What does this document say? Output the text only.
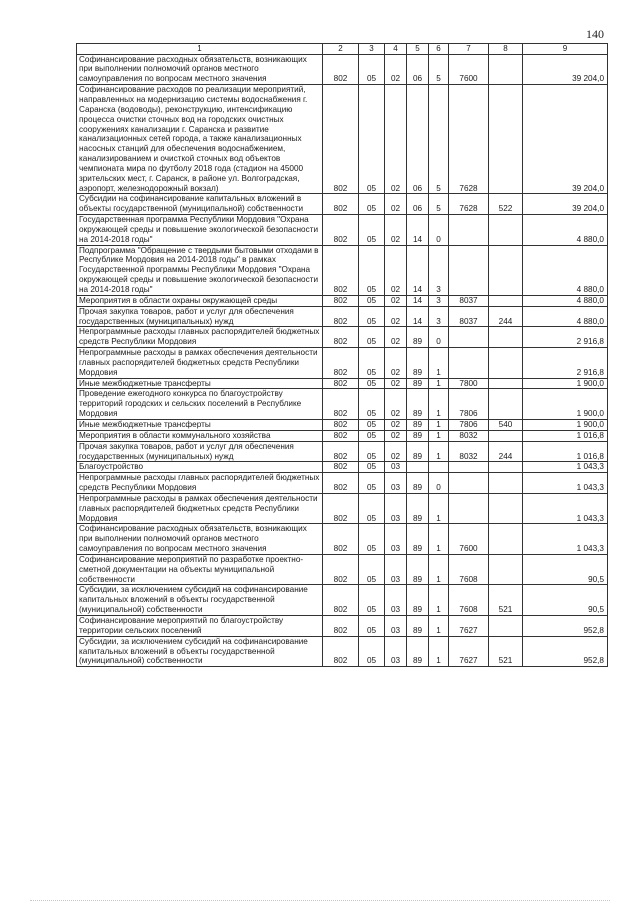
140
1	2	3	4	5	6	7	8	9
Софинансирование расходных обязательств, возникающих при выполнении полномочий органов местного самоуправления по вопросам местного значения	802	05	02	06	5	7600		39 204,0
Софинансирование расходов по реализации мероприятий, направленных на модернизацию системы водоснабжения г. Саранска (водоводы), реконструкцию, интенсификацию процесса очистки сточных вод на городских очистных сооружениях канализации г. Саранска и развитие канализационных сетей города, а также канализационных насосных станций для обеспечения водоснабжением, канализированием и очисткой сточных вод объектов чемпионата мира по футболу 2018 года (стадион на 45000 зрительских мест, г. Саранск, в районе ул. Волгоградская, аэропорт, железнодорожный вокзал)	802	05	02	06	5	7628		39 204,0
Субсидии на софинансирование капитальных вложений в объекты государственной (муниципальной) собственности	802	05	02	06	5	7628	522	39 204,0
Государственная программа Республики Мордовия "Охрана окружающей среды и повышение экологической безопасности на 2014-2018 годы"	802	05	02	14	0			4 880,0
Подпрограмма "Обращение с твердыми бытовыми отходами в Республике Мордовия на 2014-2018 годы" в рамках Государственной программы Республики Мордовия "Охрана окружающей среды и повышение экологической безопасности на 2014-2018 годы"	802	05	02	14	3			4 880,0
Мероприятия в области охраны окружающей среды	802	05	02	14	3	8037		4 880,0
Прочая закупка товаров, работ и услуг для обеспечения государственных (муниципальных) нужд	802	05	02	14	3	8037	244	4 880,0
Непрограммные расходы главных распорядителей бюджетных средств Республики Мордовия	802	05	02	89	0			2 916,8
Непрограммные расходы в рамках обеспечения деятельности главных распорядителей бюджетных средств Республики Мордовия	802	05	02	89	1			2 916,8
Иные межбюджетные трансферты	802	05	02	89	1	7800		1 900,0
Проведение ежегодного конкурса по благоустройству территорий городских и сельских поселений в Республике Мордовия	802	05	02	89	1	7806		1 900,0
Иные межбюджетные трансферты	802	05	02	89	1	7806	540	1 900,0
Мероприятия в области коммунального хозяйства	802	05	02	89	1	8032		1 016,8
Прочая закупка товаров, работ и услуг для обеспечения государственных (муниципальных) нужд	802	05	02	89	1	8032	244	1 016,8
Благоустройство	802	05	03					1 043,3
Непрограммные расходы главных распорядителей бюджетных средств Республики Мордовия	802	05	03	89	0			1 043,3
Непрограммные расходы в рамках обеспечения деятельности главных распорядителей бюджетных средств Республики Мордовия	802	05	03	89	1			1 043,3
Софинансирование расходных обязательств, возникающих при выполнении полномочий органов местного самоуправления по вопросам местного значения	802	05	03	89	1	7600		1 043,3
Софинансирование мероприятий по разработке проектно-сметной документации на объекты муниципальной собственности	802	05	03	89	1	7608		90,5
Субсидии, за исключением субсидий на софинансирование капитальных вложений в объекты государственной (муниципальной) собственности	802	05	03	89	1	7608	521	90,5
Софинансирование мероприятий по благоустройству территории сельских поселений	802	05	03	89	1	7627		952,8
Субсидии, за исключением субсидий на софинансирование капитальных вложений в объекты государственной (муниципальной) собственности	802	05	03	89	1	7627	521	952,8
